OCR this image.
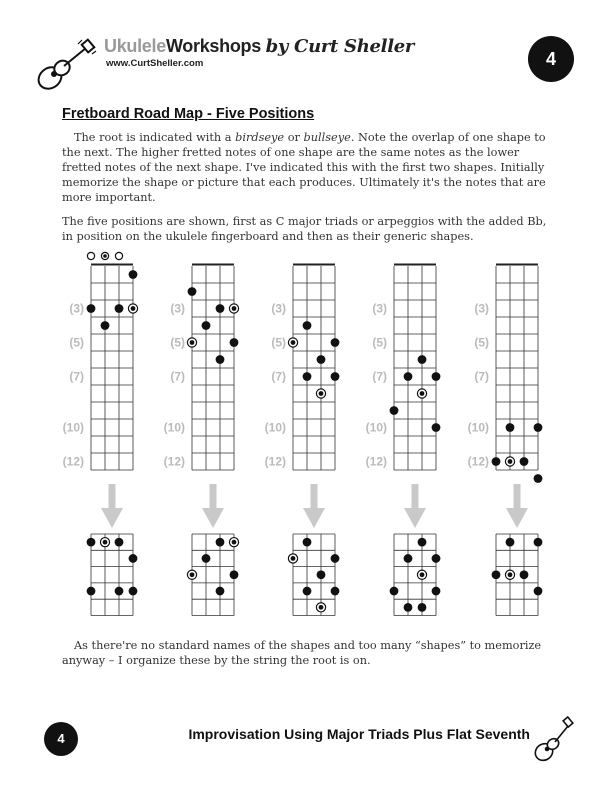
UkuleleWorkshops by Curt Sheller
www.CurtSheller.com	4
Fretboard Road Map - Five Positions

The root is indicated with a birdseye or bullseye. Note the overlap of one shape to the next. The higher fretted notes of one shape are the same notes as the lower fretted notes of the next shape. I've indicated this with the first two shapes. Initially memorize the shape or picture that each produces. Ultimately it's the notes that are more important.

The five positions are shown, first as C major triads or arpeggios with the added Bb, in position on the ukulele fingerboard and then as their generic shapes.

(3)
(5)
(7)
(10)
(12)
(3)
(5)
(7)
(10)
(12)
(3)
(5)
(7)
(10)
(12)
(3)
(5)
(7)
(10)
(12)
(3)
(5)
(7)
(10)
(12)

As there're no standard names of the shapes and too many “shapes” to memorize anyway – I organize these by the string the root is on.

4	Improvisation Using Major Triads Plus Flat Seventh
